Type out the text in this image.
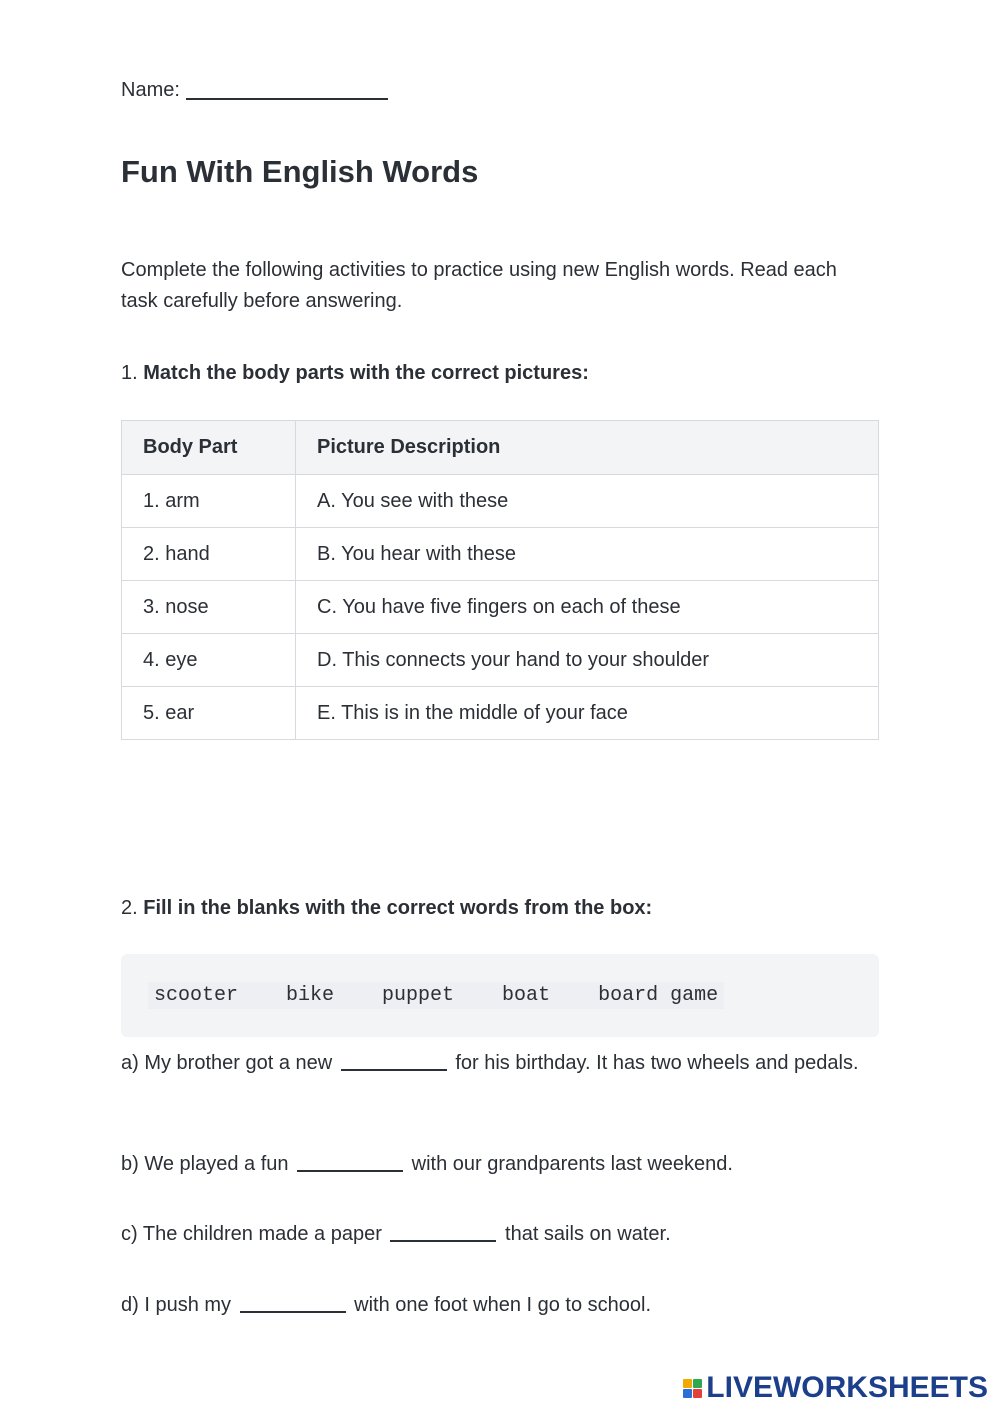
Name:
Fun With English Words

Complete the following activities to practice using new English words. Read each task carefully before answering.

1. Match the body parts with the correct pictures:

Body Part	Picture Description
1. arm	A. You see with these
2. hand	B. You hear with these
3. nose	C. You have five fingers on each of these
4. eye	D. This connects your hand to your shoulder
5. ear	E. This is in the middle of your face

2. Fill in the blanks with the correct words from the box:

scooter    bike    puppet    boat    board game

a) My brother got a new	for his birthday. It has two wheels and pedals.

b) We played a fun	with our grandparents last weekend.

c) The children made a paper	that sails on water.

d) I push my	with one foot when I go to school.

LIVEWORKSHEETS
